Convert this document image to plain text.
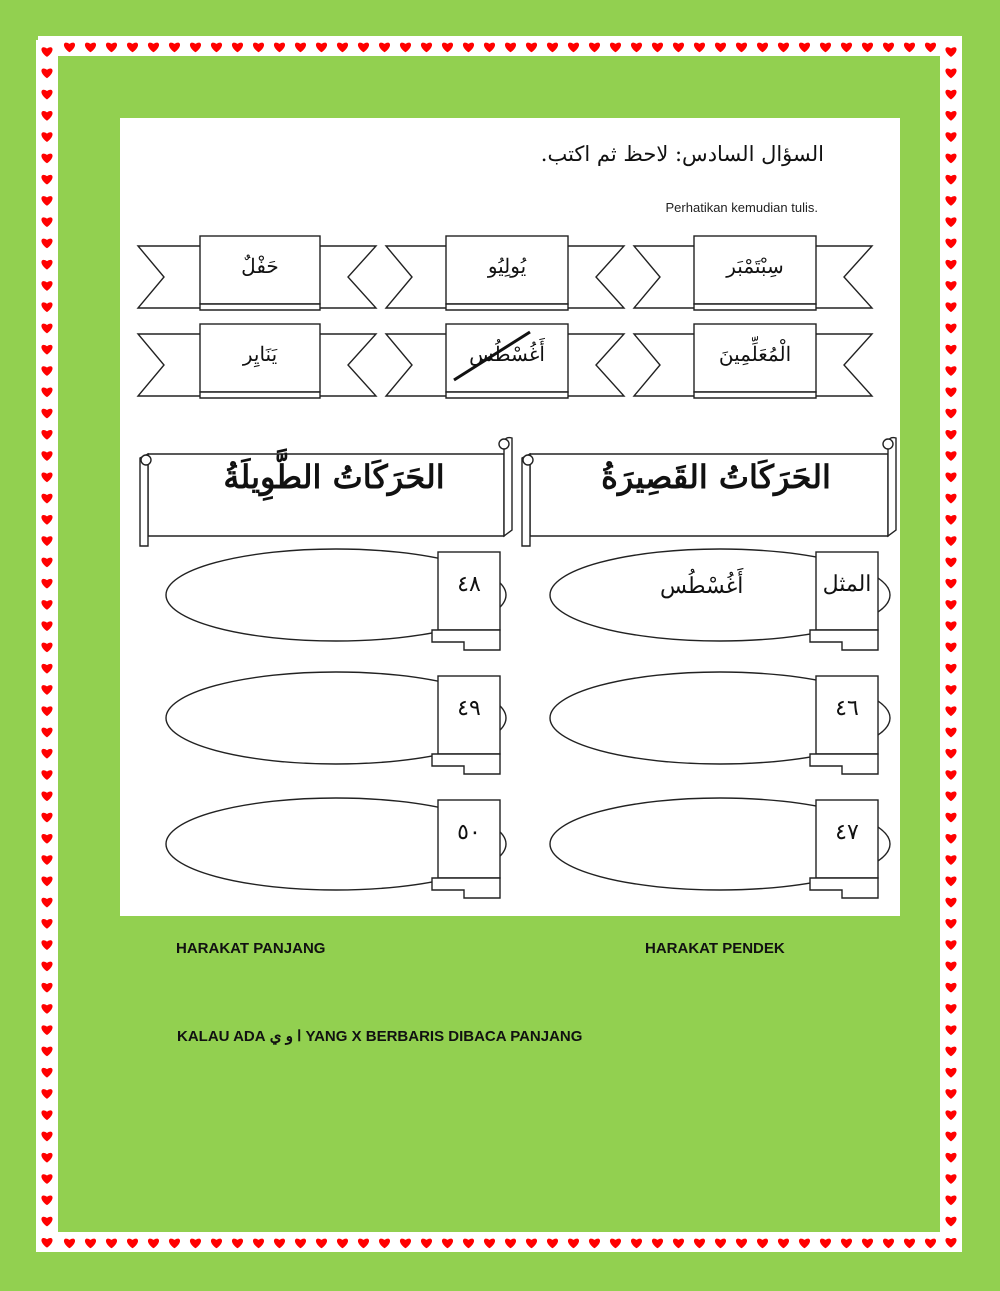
السؤال السادس: لاحظ ثم اكتب.
Perhatikan kemudian tulis.
سِبْتَمْبَر
يُولِيُو
حَفْلٌ
الْمُعَلِّمِينَ
أَغُسْطُس
يَنَايِر
الحَرَكَاتُ الطَّوِيلَةُ	الحَرَكَاتُ القَصِيرَةُ
٤٨
٤٩
٥٠
المثل
٤٦
٤٧
أَغُسْطُس
HARAKAT PANJANG	HARAKAT PENDEK
KALAU ADA ا و ي YANG X BERBARIS DIBACA PANJANG
